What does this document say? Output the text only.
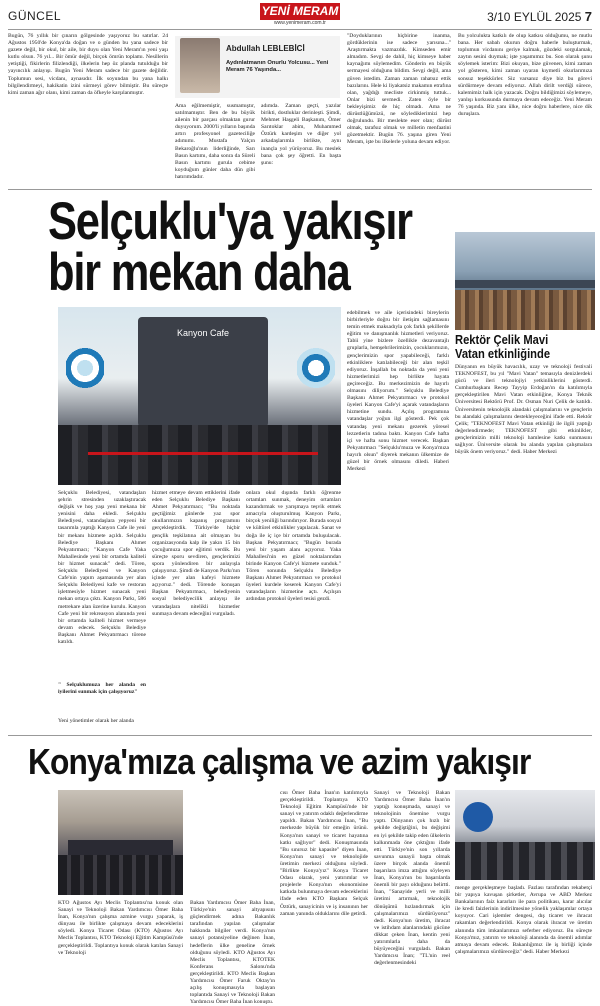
GÜNCEL	YENİ MERAM
www.yenimeram.com.tr	3/10 EYLÜL 2025 7
Bugün, 76 yıllık bir çınarın gölgesinde yaşıyoruz bu satırlar. 24 Ağustos 1950'de Konya'da doğan ve o günden bu yana sadece bir gazete değil, bir okul, bir aile, bir duyu olan Yeni Meram'ın yeni yaşı kutlu olsun. 76 yıl... Bir ömür değil, birçok ömrün toplamı. Nesillerin yetiştiği, fikirlerin filizlendiği, ilkelerin hep öz planda tutulduğu bir yayıncılık anlayışı. Bugün Yeni Meram sadece bir gazete değildir. Toplumun sesi, vicdanı, aynasıdır. İlk soyundan bu yana halkı bilgilendirmeyi, hakikatin izini sürmeyi görev bilmiştir. Bu süreçte kimi zaman ağır olanı, kimi zaman da öfkeyle karşılanmıştır.
Abdullah LEBLEBİCİ
Aydınlatmanın Onurlu Yolcusu... Yeni Meram 76 Yaşında...
Ama eğilmemiştir, susmamıştır, satılmamıştır. Ben de bu büyük ailenin bir parçası olmaktan gurur duyuyorum. 2000'li yılların başında artırı profesyonel gazeteciliğe adımımı. Mustafa Yalçın Bekaroğlu'nun liderliğinde, Sarı Basın kartımı, daha sonra da Süreli Basın kartımı gurula cebime koyduğum günler daha dün gibi hatırımdadır.
adımda. Zaman geçti, yazılar birikti, dostluklar derinleşti. Şimdi, Mehmet Haşgeli Başkanım, Ömer Sarıtoklar abim, Muhammed Öztürk kardeşim ve diğer yol arkadaşlarımla birlikte, aynı inançla yol yürüyoruz. Bu meslek bana çok şey öğretti. En başta şunu:
"Doyduklarının hiçbirine inanma, gördüklerinin ise sadece yarısına..." Araştırmakta vazmazdık. Kimseden emir almadım. Sevgi de dahil, hiç kimseye haber kaynağımı söylemedim. Gönderin en büyük sermayesi olduğunu bildim. Sevgi değil, ama güven istedim. Zaman zaman rahatsız ettik bazılarını. Hele ki liyakatsiz makamın etrafına olan, yağdığı mecliste cirkinmiş tuttuk... Onlar bizi sevmedi. Zaten öyle bir bekleyişimiz de hiç olmadı. Ama ne dürüstlüğümüzü, ne söylediklerimizi hep doğrulundu. Bir meslekte eser olan; dürüst olmak, tarafsız olmak ve milletin menfaatini gözetmektir. Bugün 76. yaşına giren Yeni Meram, işte bu ilkelerle yoluna devam ediyor.
Bu yolculukta katkılı de olup katkısı olduğumu, ne mutlu bana. Her sabah okurun doğru haberle buluşturmak, toplumun vicdanını geriye kalmak, gözdeki sorgulamak, zaytın sesini duymak; işte yaşamımız bu. Son olarak şunu söylemek isterim: Bizi okuyan, bize güvenen, kimi zaman yol gösteren, kimi zaman uyaran kıymetli okurlarımıza sonsuz teşekkürler. Siz varsanız diye biz bu görevi sürdürmeye devam ediyoruz. Allah dirilt verdiği sürece, kalemimiz halk için yazacak. Doğru bildiğimizi söylemeye, yanlışı korkusunda durmaya devam edeceğiz. Yeni Meram 76 yaşında. Biz yanı ülke, nice doğru haberlere, nice dik duruşlara.
Selçuklu'ya yakışır bir mekan daha
Kanyon Cafe
Selçuklu Belediyesi, vatandaşları şehrin stresinden uzaklaştıracak değişik ve hoş yaşı yeni mekana bir yenisini daha ekledi. Selçuklu Belediyesi, vatandaşlara yepyeni bir tasarımla yaptığı Kanyon Cafe ile yeni bir mekanı hizmete açıldı. Selçuklu Belediye Başkanı Ahmet Pekyatırmacı; "Kanyon Cafe Yaka Mahallesinde yeni bir ortamda kaliteli bir hizmet sunacak" dedi. Tören, Selçuklu Belediyesi ve Kanyon Cafe'nin yapım aşamasında yer alan Selçuklu Belediyesi kafe ve restoran işletmesiyle hizmet sunacak yeni mekan ortaya çıktı. Kanyon Parkı, 586 metrekare alan üzerine kurulu. Kanyon Cafe yeni bir rekreasyon alanında yeni bir ortamda kaliteli hizmet vermeye devam edecek. Selçuklu Belediye Başkanı Ahmet Pekyatırmacı törene katıldı.
" Selçuklumuza her alanda en iyilerini sunmak için çalışıyoruz"
Yeni yönetimler olarak her alanda
hizmet etmeye devam ettiklerini ifade eden Selçuklu Belediye Başkanı Ahmet Pekyatırmacı; "Bu noktada geçtiğimiz günlerde yaz spor okullarımızın kapanış programını gerçekleştirdik. Türkiye'de hiçbir gençlik teşkilatına ait olmayan bu organizasyonda kalp ile yakın 15 bin çocuğumuza spor eğitimi verdik. Bu süreçte sporu sevdiren, gençlerimizi spora yönlendiren bir anlayışla çalışıyoruz. Şimdi de Kanyon Parkı'nın içinde yer alan kafeyi hizmete açıyoruz." dedi. Törende konuşan Başkan Pekyatırmacı, belediyenin sosyal belediyecilik anlayışı ile vatandaşlara nitelikli hizmetler sunmaya devam edeceğini vurguladı.
onlara okul dışında farklı öğrenme ortamları sunmak, deneyim ortamları kazandırmak ve yarışmaya teşvik etmek amacıyla oluşturulmuş Kanyon Parkı, birçok yeniliği barındırıyor. Burada sosyal ve kültürel etkinlikler yapılacak. Sanat ve doğa ile iç içe bir ortamda buluşulacak. Başkan Pekyatırmacı; "Bugün burada yeni bir yaşam alanı açıyoruz. Yaka Mahallesi'nin en güzel noktalarından birinde Kanyon Cafe'yi hizmete sunduk." Tören sonunda Selçuklu Belediye Başkanı Ahmet Pekyatırmacı ve protokol üyeleri kurdele keserek Kanyon Cafe'yi vatandaşların hizmetine açtı. Açılışın ardından protokol üyeleri tesisi gezdi.
edebilmek ve aile içerisindeki bireylerin birbirleriyle doğru bir iletişim sağlamasını temin etmek maksadıyla çok farklı şekillerde eğitim ve danışmanlık hizmetleri veriyoruz. Tabii yine bizlere özellikle dezavantajlı gruplarla, hemşehrilerimizin, çocuklarımızın, gençlerimizin spor yapabileceği, farklı etkinliklere katılabileceği bir alan teşkil ediyoruz. İnşallah bu noktada da yeni yeni hizmetlerimizi hep birlikte hayata geçireceğiz. Bu merkezimizin de hayırlı olmasını diliyorum." Selçuklu Belediye Başkanı Ahmet Pekyatırmacı ve protokol üyeleri Kanyon Cafe'yi açarak vatandaşların hizmetine sundu. Açılış programına vatandaşlar yoğun ilgi gösterdi. Pek çok vatandaş yeni mekanı gezerek yöresel lezzetlerin tadına baktı. Kanyon Cafe hafta içi ve hafta sonu hizmet verecek. Başkan Pekyatırmacı "Selçuklu'muza ve Konya'mıza hayırlı olsun" diyerek mekanın ülkemize de güzel bir örnek olmasını diledi. Haberi Merkezi
Rektör Çelik Mavi Vatan etkinliğinde
Dünyanın en büyük havacılık, uzay ve teknoloji festivali TEKNOFEST, bu yıl "Mavi Vatan" temasıyla denizlerdeki gücü ve ileri teknolojiyi yetkinliklerini gösterdi. Cumhurbaşkanı Recep Tayyip Erdoğan'ın da katılımıyla gerçekleştirilen Mavi Vatan etkinliğine, Konya Teknik Üniversitesi Rektörü Prof. Dr. Osman Nuri Çelik de katıldı. Üniversitenin teknolojik alandaki çalışmalarını ve gençlerin bu alandaki çalışmalarını destekleyeceğini ifade etti. Rektör Çelik; "TEKNOFEST Mavi Vatan etkinliği ile ilgili yaptığı değerlendirmede; TEKNOFEST gibi etkinlikler, gençlerimizin milli teknoloji hamlesine katkı sunmasını sağlıyor. Üniversite olarak bu alanda yapılan çalışmalara büyük önem veriyoruz." dedi. Haber Merkezi
Konya'mıza çalışma ve azim yakışır
KTO Ağustos Ayı Meclis Toplantısı'na konuk olan Sanayi ve Teknoloji Bakan Yardımcısı Ömer Baha İnan, Konya'nın çalışma azmine vurgu yaparak, iş dünyası ile birlikte çalışmaya devam edeceklerini söyledi. Konya Ticaret Odası (KTO) Ağustos Ayı Meclis Toplantısı, KTO Teknoloji Eğitim Kampüsü'nde gerçekleştirildi. Toplantıya konuk olarak katılan Sanayi ve Teknoloji
Bakan Yardımcısı Ömer Baha İnan, Türkiye'nin sanayi altyapısını güçlendirmek adına Bakanlık tarafından yapılan çalışmalar hakkında bilgiler verdi. Konya'nın sanayi potansiyeline değinen İnan, hedeflerin ülke geneline örnek olduğunu söyledi. KTO Ağustos Ayı Meclis Toplantısı, KTOTEK Konferans Salonu'nda gerçekleştirildi. KTO Meclis Başkan Yardımcısı Ömer Faruk Oktay'ın açılış konuşmasıyla başlayan toplantıda Sanayi ve Teknoloji Bakan Yardımcısı Ömer Baha İnan konuştu.
cısı Ömer Baha İnan'ın katılımıyla gerçekleştirildi. Toplantıya KTO Teknoloji Eğitim Kampüsü'nde bir sanayi ve yatırım odaklı değerlendirme yapıldı. Bakan Yardımcısı İnan, "Bu merkezde büyük bir emeğin ürünü. Konya'nın sanayi ve ticaret hayatına katkı sağlıyor" dedi. Konuşmasında "Bu sınırsız bir kapasite" diyen İnan, Konya'nın sanayi ve teknolojide üretimin merkezi olduğunu söyledi. "Birlikte Konya'yız" Konya Ticaret Odası olarak, yeni yatırımlar ve projelerle Konya'nın ekonomisine katkıda bulunmaya devam edeceklerini ifade eden KTO Başkanı Selçuk Öztürk, sanayicinin ve iş insanının her zaman yanında olduklarını dile getirdi.
Sanayi ve Teknoloji Bakan Yardımcısı Ömer Baha İnan'ın yaptığı konuşmada, sanayi ve teknolojinin önemine vurgu yaptı. Dünyanın çok hızlı bir şekilde değiştiğini, bu değişimi en iyi şekilde takip eden ülkelerin kalkınmada öne çıktığını ifade etti. Türkiye'nin son yıllarda savunma sanayii başta olmak üzere birçok alanda önemli başarılara imza attığını söyleyen İnan, Konya'nın bu başarılarda önemli bir payı olduğunu belirtti. İnan, "Sanayide yerli ve milli üretimi artırmak, teknolojik dönüşümü hızlandırmak için çalışmalarımızı sürdürüyoruz" dedi. Konya'nın üretim, ihracat ve istihdam alanlarındaki gücüne dikkat çeken İnan, kentin yeni yatırımlarla daha da büyüyeceğini vurguladı. Bakan Yardımcısı İnan; "TL'nin reel değerlenmesindeki
menge gerçekleşmeye başladı. Fazlası tarafından rekabetçi bir yapıya kavuşan şirketler, Avrupa ve ABD Merkez Bankalarının faiz kararları ile para politikası, karar alıcılar ile kredi faizlerinin indirilmesine yönelik yaklaşımlar ortaya koyuyor. Cari işlemler dengesi, dış ticaret ve ihracat rakamları değerlendirildi. Konya olarak ihracat ve üretim alanında tüm imkanlarımızı seferber ediyoruz. Bu süreçte Konya'mız, yatırım ve teknoloji alanında da önemli adımlar atmaya devam edecek. Bakanlığımız ile iş birliği içinde çalışmalarımızı sürdüreceğiz" dedi. Haber Merkezi
